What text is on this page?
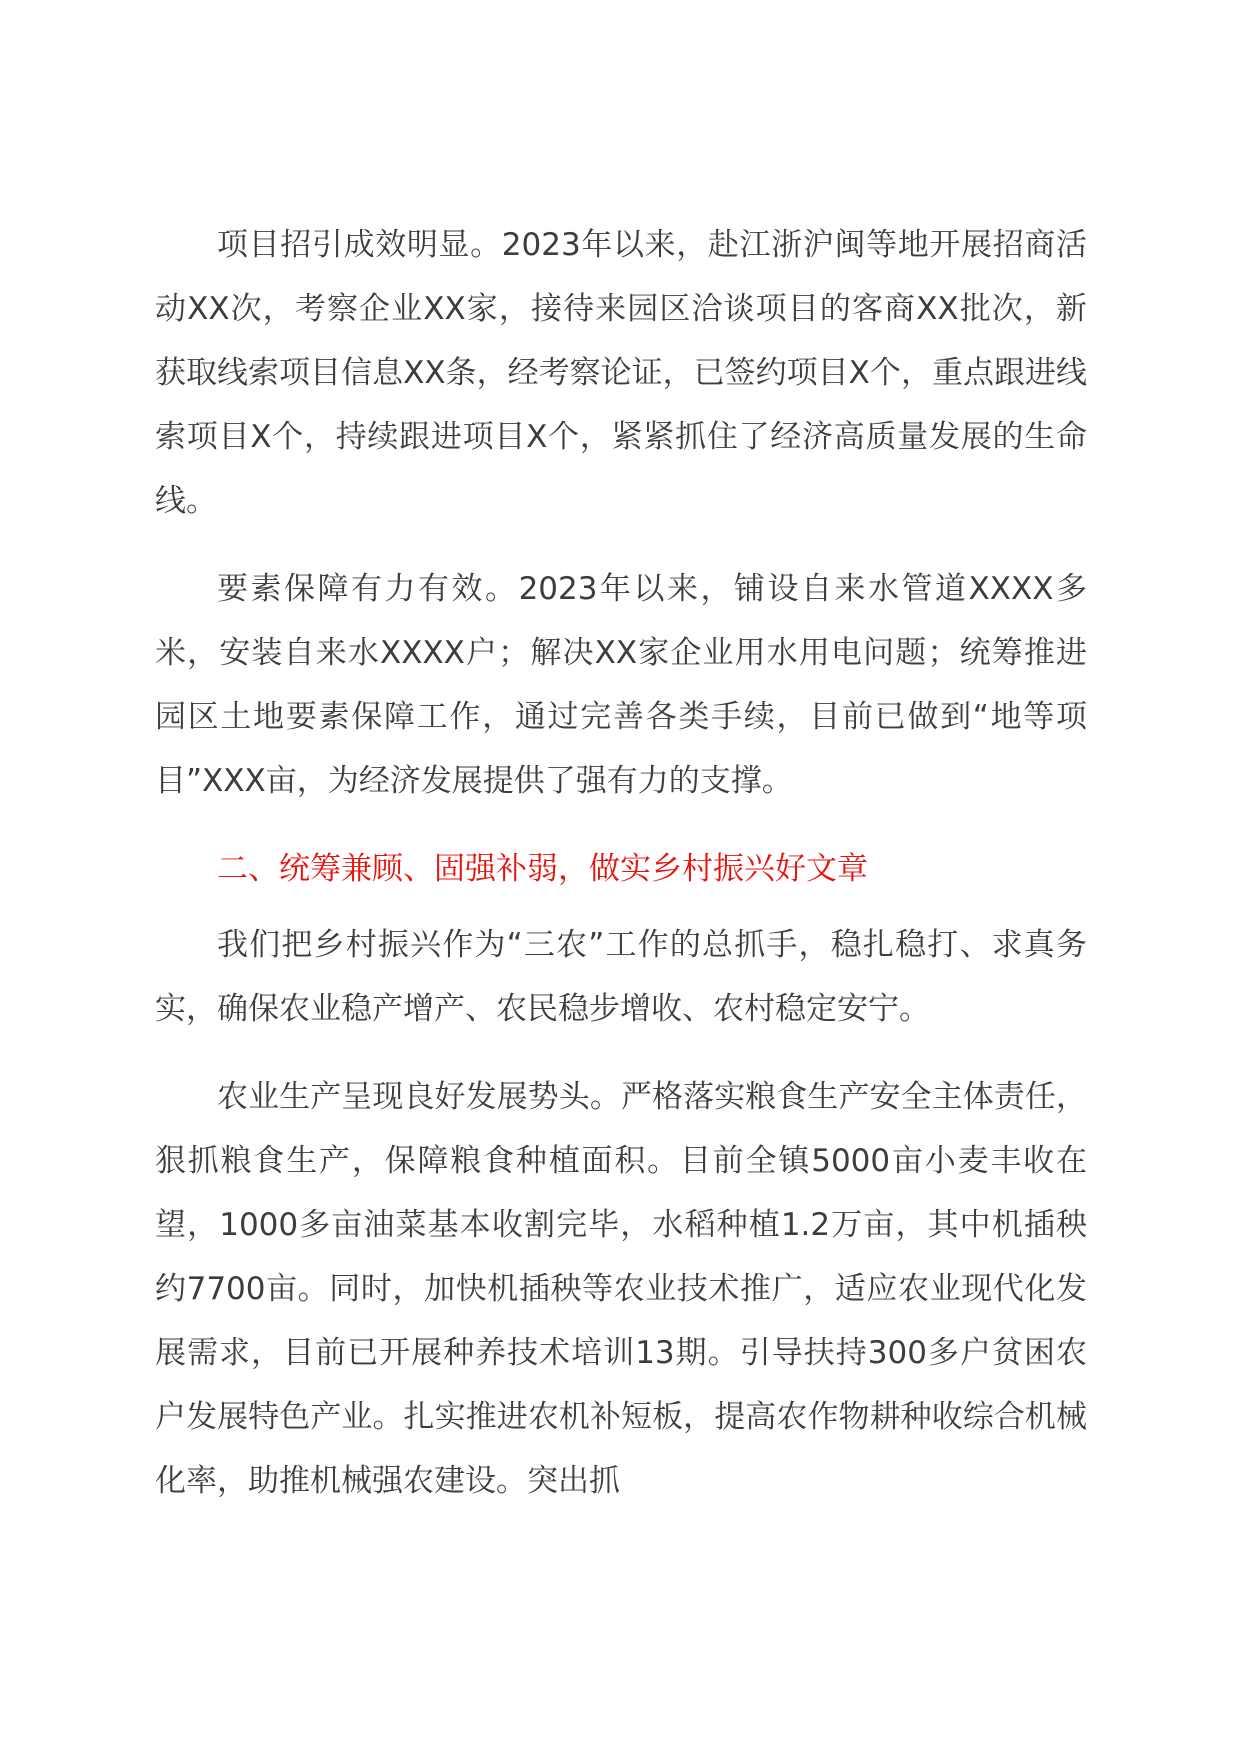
项目招引成效明显。2023年以来，赴江浙沪闽等地开展招商活动XX次，考察企业XX家，接待来园区洽谈项目的客商XX批次，新获取线索项目信息XX条，经考察论证，已签约项目X个，重点跟进线索项目X个，持续跟进项目X个，紧紧抓住了经济高质量发展的生命线。

要素保障有力有效。2023年以来，铺设自来水管道XXXX多米，安装自来水XXXX户；解决XX家企业用水用电问题；统筹推进园区土地要素保障工作，通过完善各类手续，目前已做到“地等项目”XXX亩，为经济发展提供了强有力的支撑。

二、统筹兼顾、固强补弱，做实乡村振兴好文章

我们把乡村振兴作为“三农”工作的总抓手，稳扎稳打、求真务实，确保农业稳产增产、农民稳步增收、农村稳定安宁。

农业生产呈现良好发展势头。严格落实粮食生产安全主体责任，狠抓粮食生产，保障粮食种植面积。目前全镇5000亩小麦丰收在望，1000多亩油菜基本收割完毕，水稻种植1.2万亩，其中机插秧约7700亩。同时，加快机插秧等农业技术推广，适应农业现代化发展需求，目前已开展种养技术培训13期。引导扶持300多户贫困农户发展特色产业。扎实推进农机补短板，提高农作物耕种收综合机械化率，助推机械强农建设。突出抓
